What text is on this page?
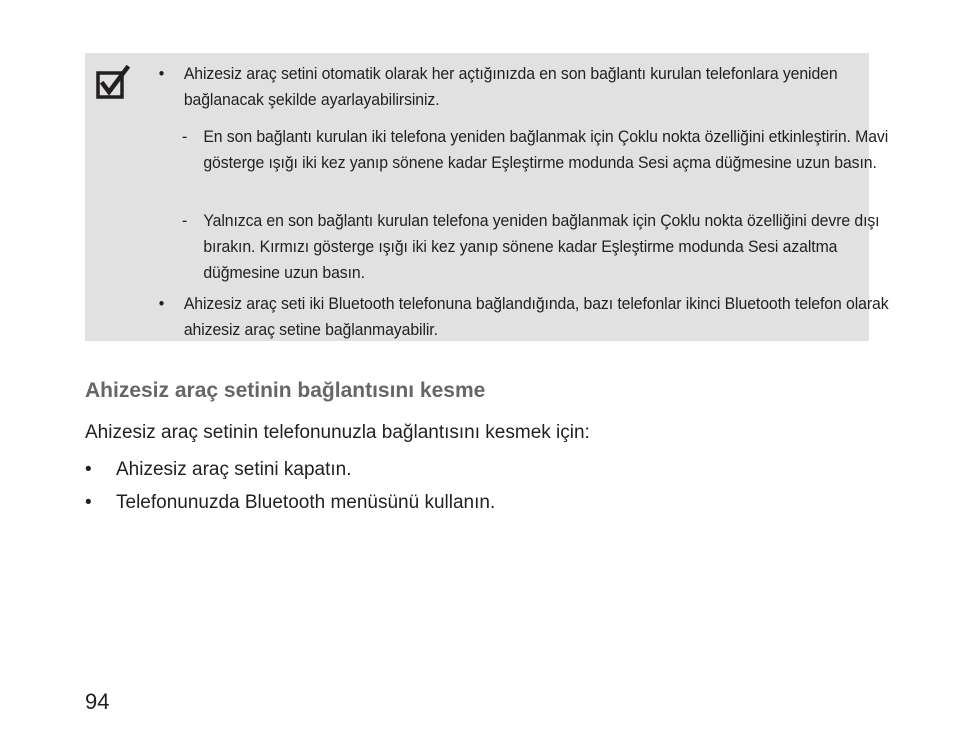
• Ahizesiz araç setini otomatik olarak her açtığınızda en son bağlantı kurulan telefonlara yeniden bağlanacak şekilde ayarlayabilirsiniz.
- En son bağlantı kurulan iki telefona yeniden bağlanmak için Çoklu nokta özelliğini etkinleştirin. Mavi gösterge ışığı iki kez yanıp sönene kadar Eşleştirme modunda Sesi açma düğmesine uzun basın.
- Yalnızca en son bağlantı kurulan telefona yeniden bağlanmak için Çoklu nokta özelliğini devre dışı bırakın. Kırmızı gösterge ışığı iki kez yanıp sönene kadar Eşleştirme modunda Sesi azaltma düğmesine uzun basın.
• Ahizesiz araç seti iki Bluetooth telefonuna bağlandığında, bazı telefonlar ikinci Bluetooth telefon olarak ahizesiz araç setine bağlanmayabilir.
Ahizesiz araç setinin bağlantısını kesme
Ahizesiz araç setinin telefonunuzla bağlantısını kesmek için:
• Ahizesiz araç setini kapatın.
• Telefonunuzda Bluetooth menüsünü kullanın.
94
